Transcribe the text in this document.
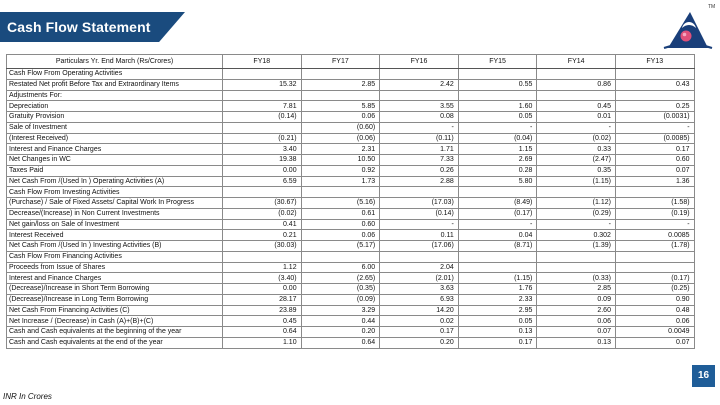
Cash Flow Statement
TM
Particulars Yr. End March (Rs/Crores)	FY18	FY17	FY16	FY15	FY14	FY13
Cash Flow From Operating Activities						
Restated Net profit Before Tax and Extraordinary Items	15.32	2.85	2.42	0.55	0.86	0.43
Adjustments For:						
Depreciation	7.81	5.85	3.55	1.60	0.45	0.25
Gratuity Provision	(0.14)	0.06	0.08	0.05	0.01	(0.0031)
Sale of Investment		(0.60)	-	-	-	-
(Interest Received)	(0.21)	(0.06)	(0.11)	(0.04)	(0.02)	(0.0085)
Interest and Finance Charges	3.40	2.31	1.71	1.15	0.33	0.17
Net Changes in WC	19.38	10.50	7.33	2.69	(2.47)	0.60
Taxes Paid	0.00	0.92	0.26	0.28	0.35	0.07
Net Cash From /(Used In ) Operating Activities (A)	6.59	1.73	2.88	5.80	(1.15)	1.36
Cash Flow From Investing Activities						
(Purchase) / Sale of Fixed Assets/ Capital Work In Progress	(30.67)	(5.16)	(17.03)	(8.49)	(1.12)	(1.58)
Decrease/(Increase) in Non Current Investments	(0.02)	0.61	(0.14)	(0.17)	(0.29)	(0.19)
Net gain/loss on Sale of Investment	0.41	0.60	-	-	-	-
Interest Received	0.21	0.06	0.11	0.04	0.302	0.0085
Net Cash From /(Used In ) Investing Activities (B)	(30.03)	(5.17)	(17.06)	(8.71)	(1.39)	(1.78)
Cash Flow From Financing Activities						
Proceeds from Issue of Shares	1.12	6.00	2.04			
Interest and Finance Charges	(3.40)	(2.65)	(2.01)	(1.15)	(0.33)	(0.17)
(Decrease)/Increase in Short Term Borrowing	0.00	(0.35)	3.63	1.76	2.85	(0.25)
(Decrease)/Increase in Long Term Borrowing	28.17	(0.09)	6.93	2.33	0.09	0.90
Net Cash From Financing Activities (C)	23.89	3.29	14.20	2.95	2.60	0.48
Net Increase / (Decrease) in Cash (A)+(B)+(C)	0.45	0.44	0.02	0.05	0.06	0.06
Cash and Cash equivalents at the beginning of the year	0.64	0.20	0.17	0.13	0.07	0.0049
Cash and Cash equivalents at the end of the year	1.10	0.64	0.20	0.17	0.13	0.07
INR In Crores
16
